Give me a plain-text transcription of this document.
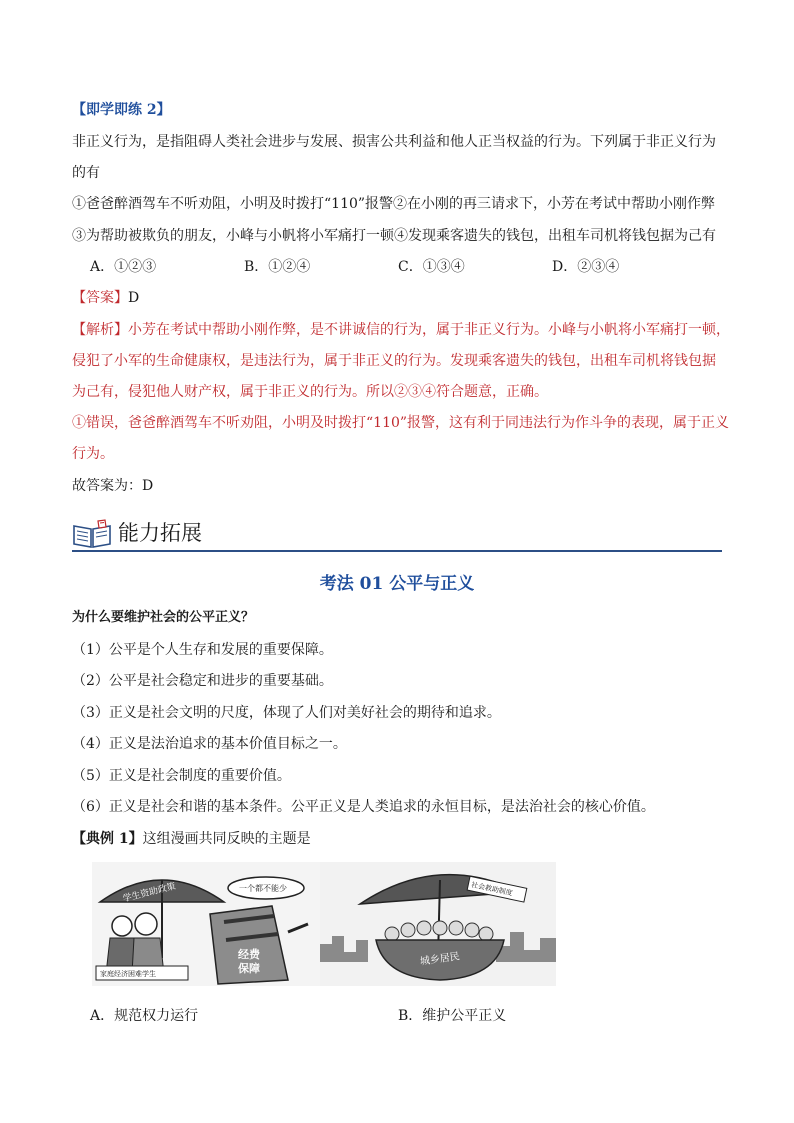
【即学即练 2】
非正义行为，是指阻碍人类社会进步与发展、损害公共利益和他人正当权益的行为。下列属于非正义行为
的有
①爸爸醉酒驾车不听劝阻，小明及时拨打“110”报警②在小刚的再三请求下，小芳在考试中帮助小刚作弊
③为帮助被欺负的朋友，小峰与小帆将小军痛打一顿④发现乘客遗失的钱包，出租车司机将钱包据为己有
A．①②③	B．①②④	C．①③④	D．②③④
【答案】D
【解析】小芳在考试中帮助小刚作弊，是不讲诚信的行为，属于非正义行为。小峰与小帆将小军痛打一顿，
侵犯了小军的生命健康权，是违法行为，属于非正义的行为。发现乘客遗失的钱包，出租车司机将钱包据
为己有，侵犯他人财产权，属于非正义的行为。所以②③④符合题意，正确。
①错误，爸爸醉酒驾车不听劝阻，小明及时拨打“110”报警，这有利于同违法行为作斗争的表现，属于正义
行为。
故答案为：D
能力拓展
考法 01 公平与正义
为什么要维护社会的公平正义？
（1）公平是个人生存和发展的重要保障。
（2）公平是社会稳定和进步的重要基础。
（3）正义是社会文明的尺度，体现了人们对美好社会的期待和追求。
（4）正义是法治追求的基本价值目标之一。
（5）正义是社会制度的重要价值。
（6）正义是社会和谐的基本条件。公平正义是人类追求的永恒目标，是法治社会的核心价值。
【典例 1】这组漫画共同反映的主题是
学生资助政策
家庭经济困难学生
一个都不能少
经费
保障
社会救助制度
城乡居民
A．规范权力运行	B．维护公平正义
